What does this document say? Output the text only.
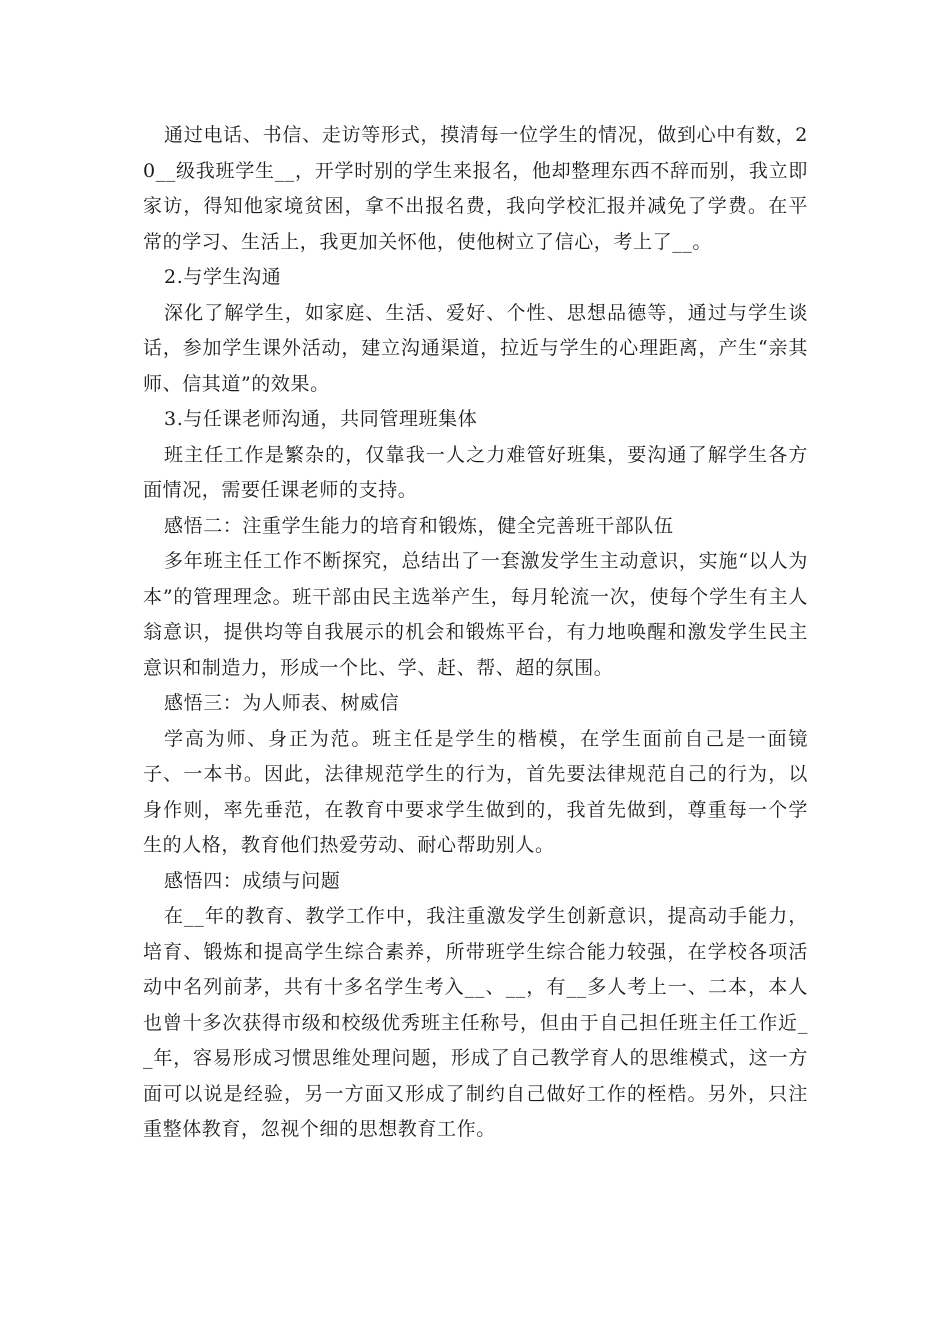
通过电话、书信、走访等形式，摸清每一位学生的情况，做到心中有数，20__级我班学生__，开学时别的学生来报名，他却整理东西不辞而别，我立即家访，得知他家境贫困，拿不出报名费，我向学校汇报并减免了学费。在平常的学习、生活上，我更加关怀他，使他树立了信心，考上了__。

2.与学生沟通

深化了解学生，如家庭、生活、爱好、个性、思想品德等，通过与学生谈话，参加学生课外活动，建立沟通渠道，拉近与学生的心理距离，产生“亲其师、信其道”的效果。

3.与任课老师沟通，共同管理班集体

班主任工作是繁杂的，仅靠我一人之力难管好班集，要沟通了解学生各方面情况，需要任课老师的支持。

感悟二：注重学生能力的培育和锻炼，健全完善班干部队伍

多年班主任工作不断探究，总结出了一套激发学生主动意识，实施“以人为本”的管理理念。班干部由民主选举产生，每月轮流一次，使每个学生有主人翁意识，提供均等自我展示的机会和锻炼平台，有力地唤醒和激发学生民主意识和制造力，形成一个比、学、赶、帮、超的氛围。

感悟三：为人师表、树威信

学高为师、身正为范。班主任是学生的楷模，在学生面前自己是一面镜子、一本书。因此，法律规范学生的行为，首先要法律规范自己的行为，以身作则，率先垂范，在教育中要求学生做到的，我首先做到，尊重每一个学生的人格，教育他们热爱劳动、耐心帮助别人。

感悟四：成绩与问题

在__年的教育、教学工作中，我注重激发学生创新意识，提高动手能力，培育、锻炼和提高学生综合素养，所带班学生综合能力较强，在学校各项活动中名列前茅，共有十多名学生考入__、__，有__多人考上一、二本，本人也曾十多次获得市级和校级优秀班主任称号，但由于自己担任班主任工作近__年，容易形成习惯思维处理问题，形成了自己教学育人的思维模式，这一方面可以说是经验，另一方面又形成了制约自己做好工作的桎梏。另外，只注重整体教育，忽视个细的思想教育工作。
